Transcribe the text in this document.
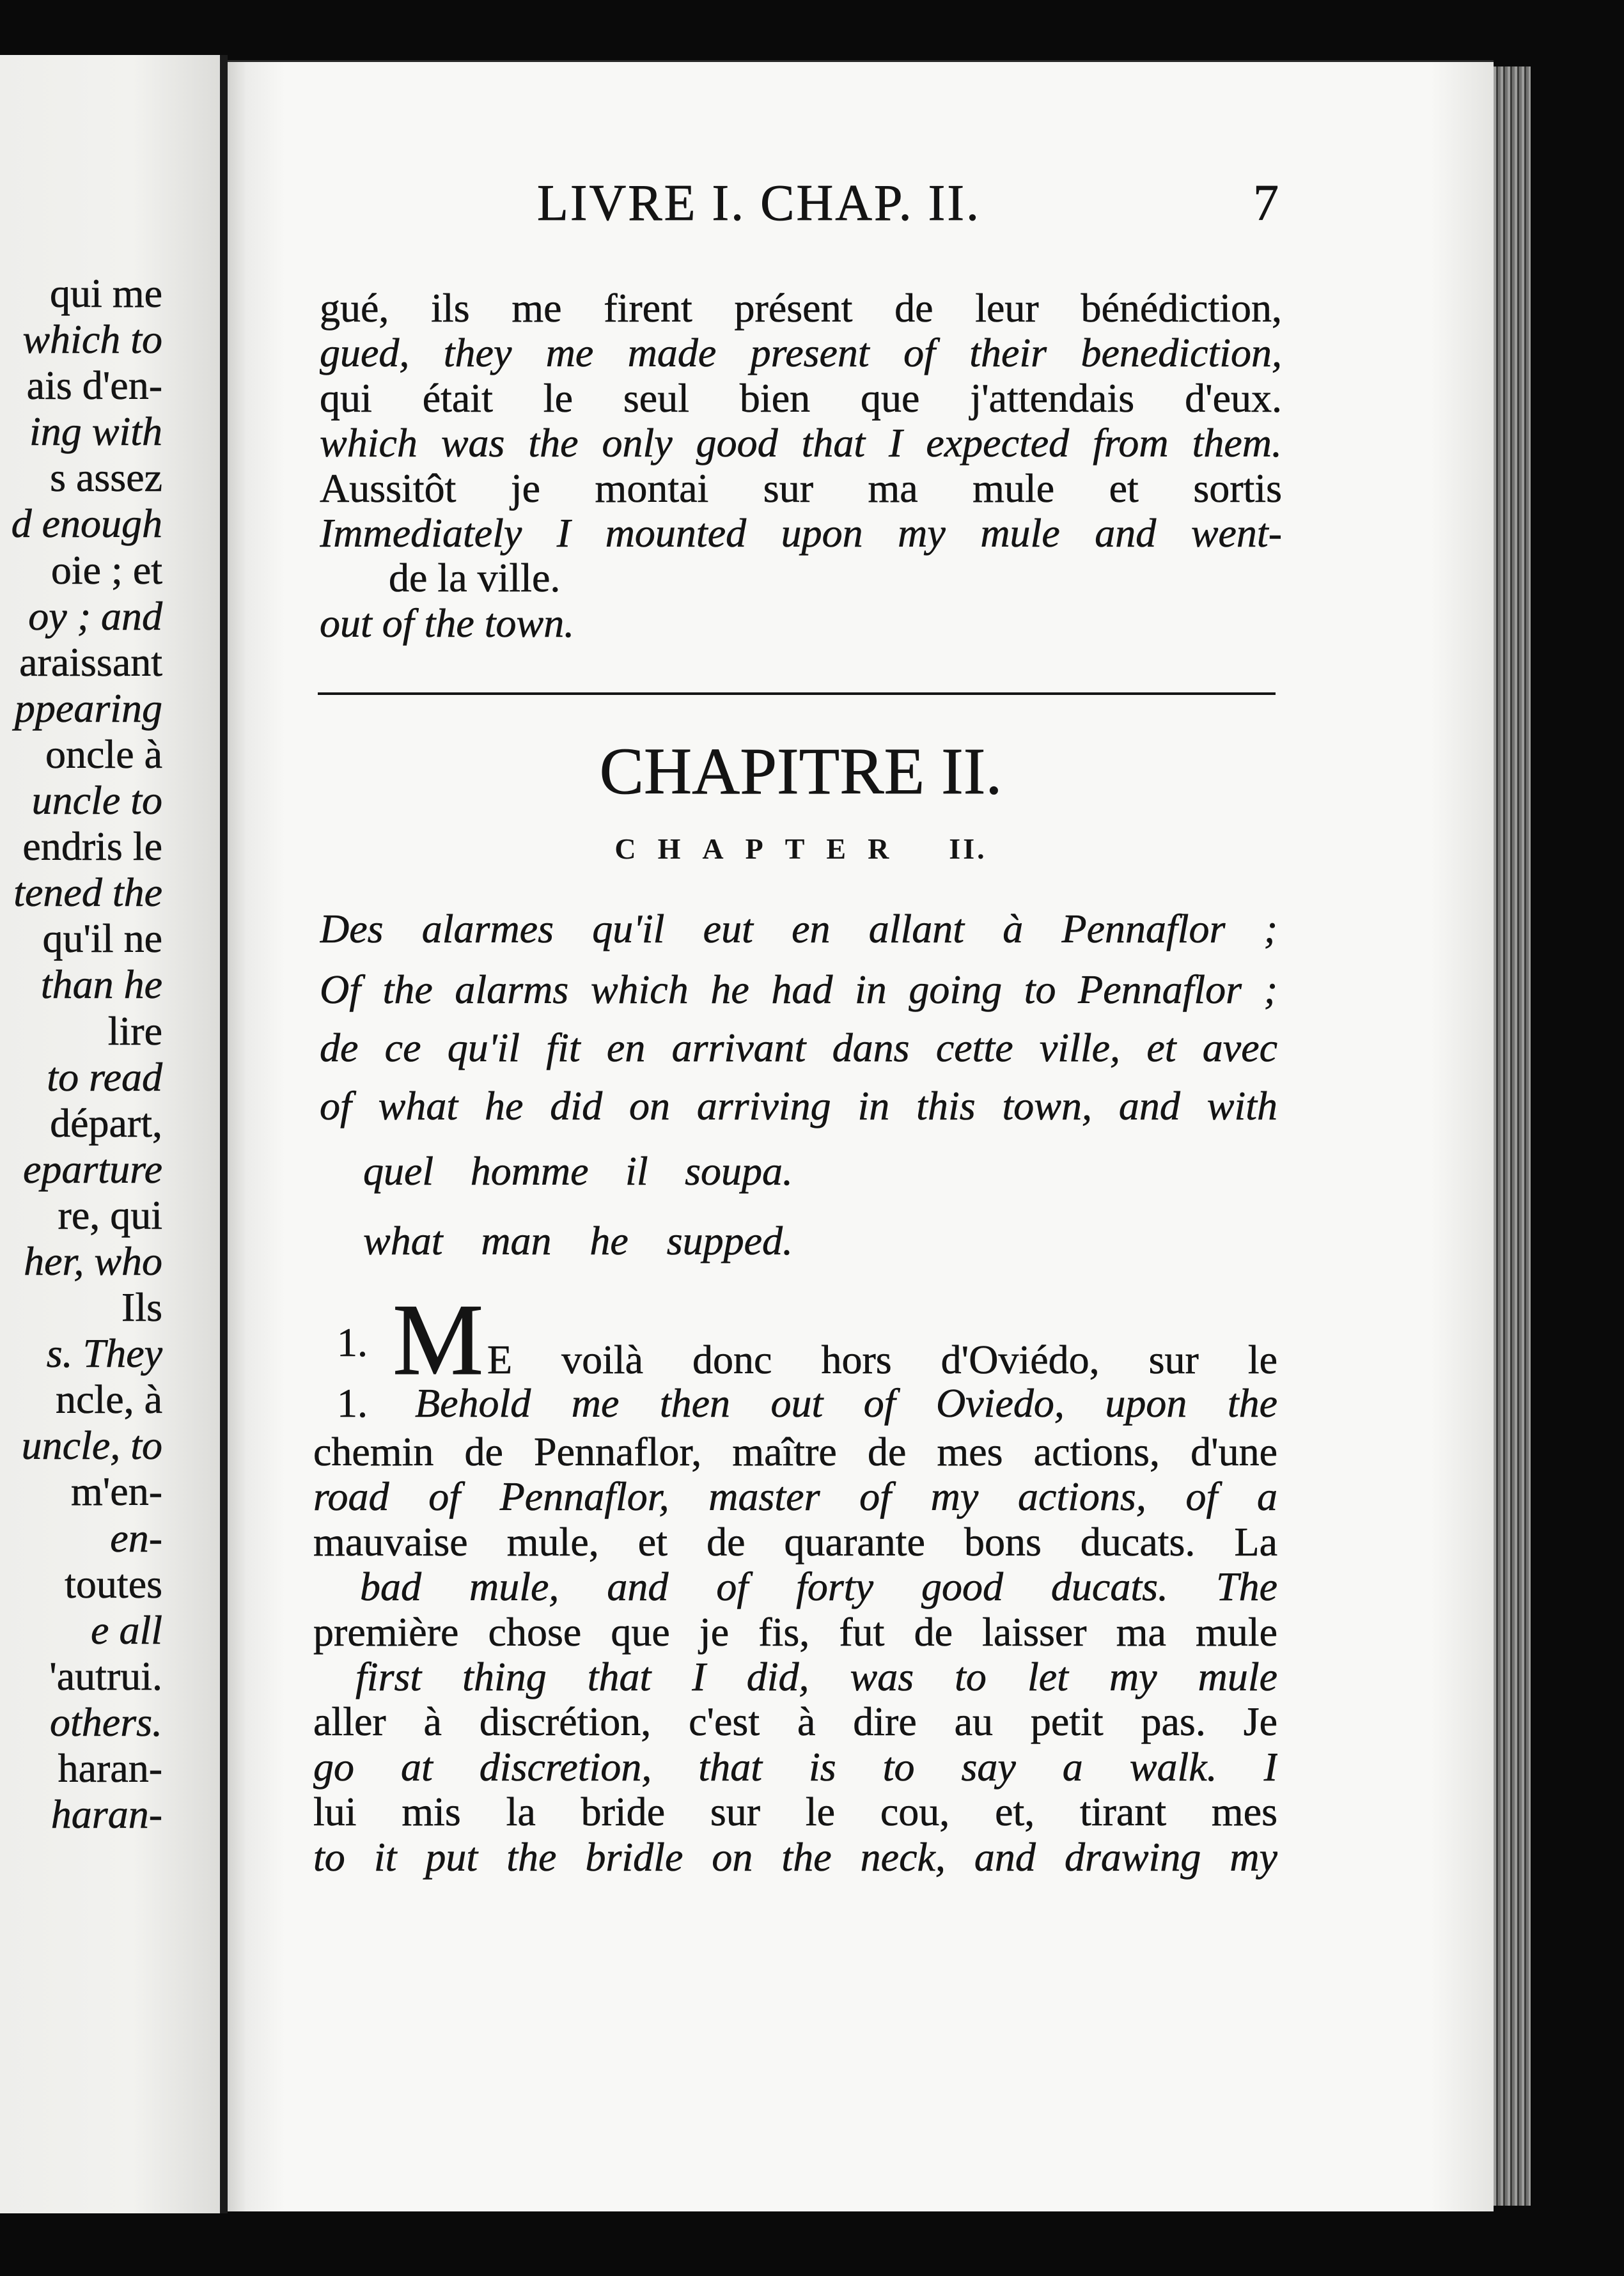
qui me
which to
ais d'en-
ing with
s assez
d enough
oie ; et
oy ; and
araissant
ppearing
oncle à
uncle to
endris le
tened the
qu'il ne
than he
lire
to read
départ,
eparture
re, qui
her, who
Ils
s. They
ncle, à
uncle, to
m'en-
en-
toutes
e all
'autrui.
others.
haran-
haran-
LIVRE I. CHAP. II.	7
gué, ils me firent présent de leur bénédiction,
gued, they me made present of their benediction,
qui était le seul bien que j'attendais d'eux.
which was the only good that I expected from them.
Aussitôt je montai sur ma mule et sortis
Immediately I mounted upon my mule and went-
de la ville.
out of the town.
CHAPITRE II.
CHAPTER II.
Des alarmes qu'il eut en allant à Pennaflor ;
Of the alarms which he had in going to Pennaflor ;
de ce qu'il fit en arrivant dans cette ville, et avec
of what he did on arriving in this town, and with
quel homme il soupa.
what man he supped.
1. M E voilà donc hors d'Oviédo, sur le
1. Behold me then out of Oviedo, upon the
chemin de Pennaflor, maître de mes actions, d'une
road of Pennaflor, master of my actions, of a
mauvaise mule, et de quarante bons ducats. La
bad mule, and of forty good ducats. The
première chose que je fis, fut de laisser ma mule
first thing that I did, was to let my mule
aller à discrétion, c'est à dire au petit pas. Je
go at discretion, that is to say a walk. I
lui mis la bride sur le cou, et, tirant mes
to it put the bridle on the neck, and drawing my
